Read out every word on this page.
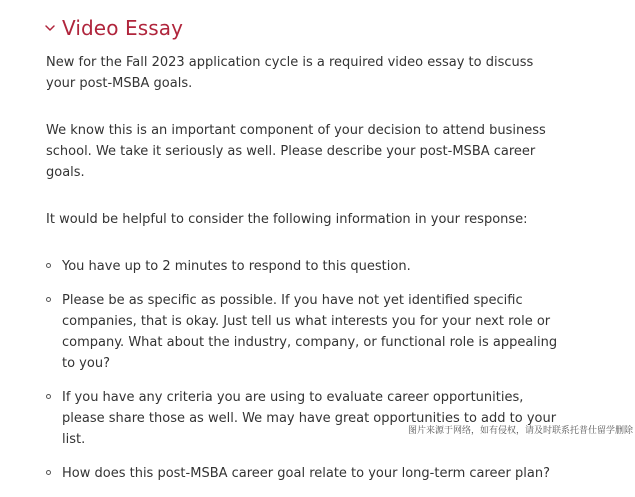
Video Essay

New for the Fall 2023 application cycle is a required video essay to discuss your post-MSBA goals.

We know this is an important component of your decision to attend business school. We take it seriously as well. Please describe your post-MSBA career goals.

It would be helpful to consider the following information in your response:

You have up to 2 minutes to respond to this question.
Please be as specific as possible. If you have not yet identified specific companies, that is okay. Just tell us what interests you for your next role or company. What about the industry, company, or functional role is appealing to you?
If you have any criteria you are using to evaluate career opportunities, please share those as well. We may have great opportunities to add to your list.
How does this post-MSBA career goal relate to your long-term career plan?
图片来源于网络，如有侵权，请及时联系托普仕留学删除
